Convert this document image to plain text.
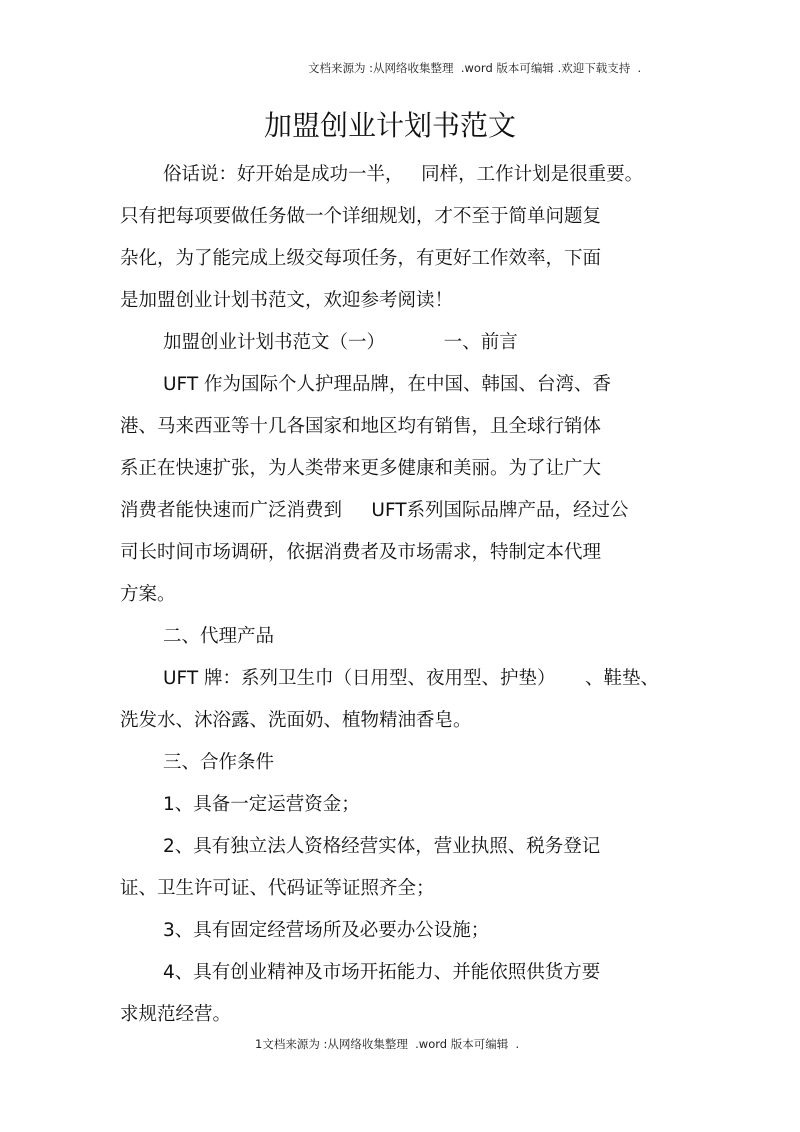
文档来源为 :从网络收集整理  .word 版本可编辑 .欢迎下载支持  .
加盟创业计划书范文
俗话说：好开始是成功一半，   同样，工作计划是很重要。
只有把每项要做任务做一个详细规划，才不至于简单问题复
杂化，为了能完成上级交每项任务，有更好工作效率，下面
是加盟创业计划书范文，欢迎参考阅读！
加盟创业计划书范文（一）          一、前言
UFT 作为国际个人护理品牌，在中国、韩国、台湾、香
港、马来西亚等十几各国家和地区均有销售，且全球行销体
系正在快速扩张，为人类带来更多健康和美丽。为了让广大
消费者能快速而广泛消费到     UFT系列国际品牌产品，经过公
司长时间市场调研，依据消费者及市场需求，特制定本代理
方案。
二、代理产品
UFT 牌：系列卫生巾（日用型、夜用型、护垫）     、鞋垫、
洗发水、沐浴露、洗面奶、植物精油香皂。
三、合作条件
1、具备一定运营资金；
2、具有独立法人资格经营实体，营业执照、税务登记
证、卫生许可证、代码证等证照齐全；
3、具有固定经营场所及必要办公设施；
4、具有创业精神及市场开拓能力、并能依照供货方要
求规范经营。
1文档来源为 :从网络收集整理  .word 版本可编辑  .
